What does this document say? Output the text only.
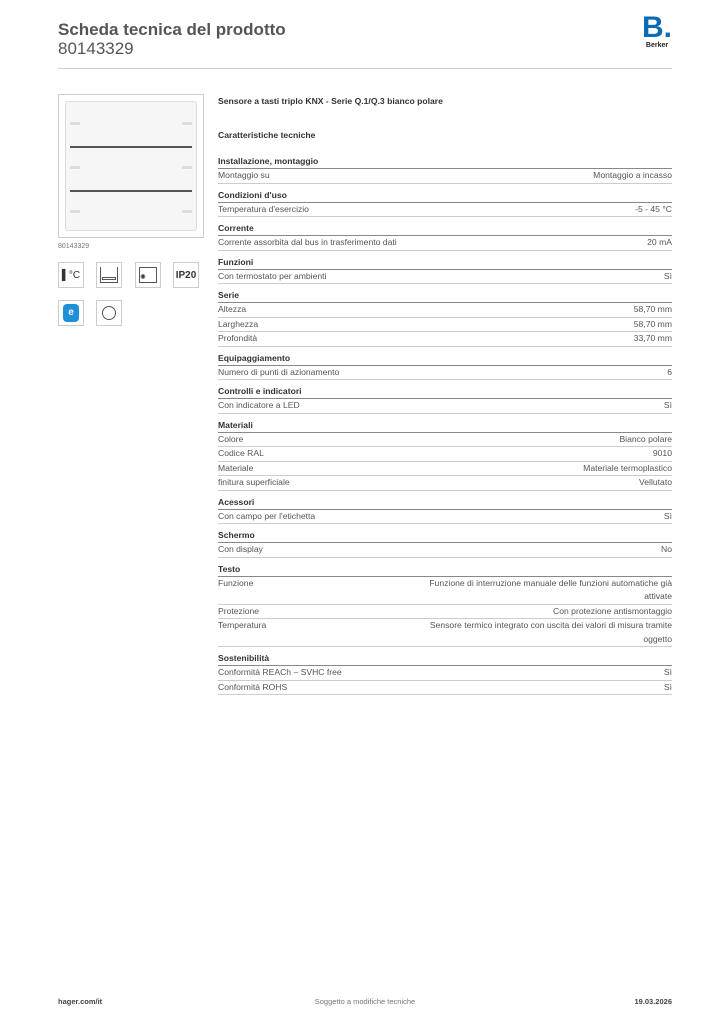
Scheda tecnica del prodotto
80143329
B.
Berker
80143329
▌°C	✺	IP20
e
Sensore a tasti triplo KNX - Serie Q.1/Q.3 bianco polare
Caratteristiche tecniche
Installazione, montaggio
Montaggio su	Montaggio a incasso
Condizioni d'uso
Temperatura d'esercizio	-5 - 45 °C
Corrente
Corrente assorbita dal bus in trasferimento dati	20 mA
Funzioni
Con termostato per ambienti	Sì
Serie
Altezza	58,70 mm
Larghezza	58,70 mm
Profondità	33,70 mm
Equipaggiamento
Numero di punti di azionamento	6
Controlli e indicatori
Con indicatore a LED	Sì
Materiali
Colore	Bianco polare
Codice RAL	9010
Materiale	Materiale termoplastico
finitura superficiale	Vellutato
Acessori
Con campo per l'etichetta	Sì
Schermo
Con display	No
Testo
Funzione	Funzione di interruzione manuale delle funzioni automatiche già attivate
Protezione	Con protezione antismontaggio
Temperatura	Sensore termico integrato con uscita dei valori di misura tramite oggetto
Sostenibilità
Conformità REACh – SVHC free	Sì
Conformità ROHS	Sì
Soggetto a modifiche tecniche
hager.com/it	19.03.2026
